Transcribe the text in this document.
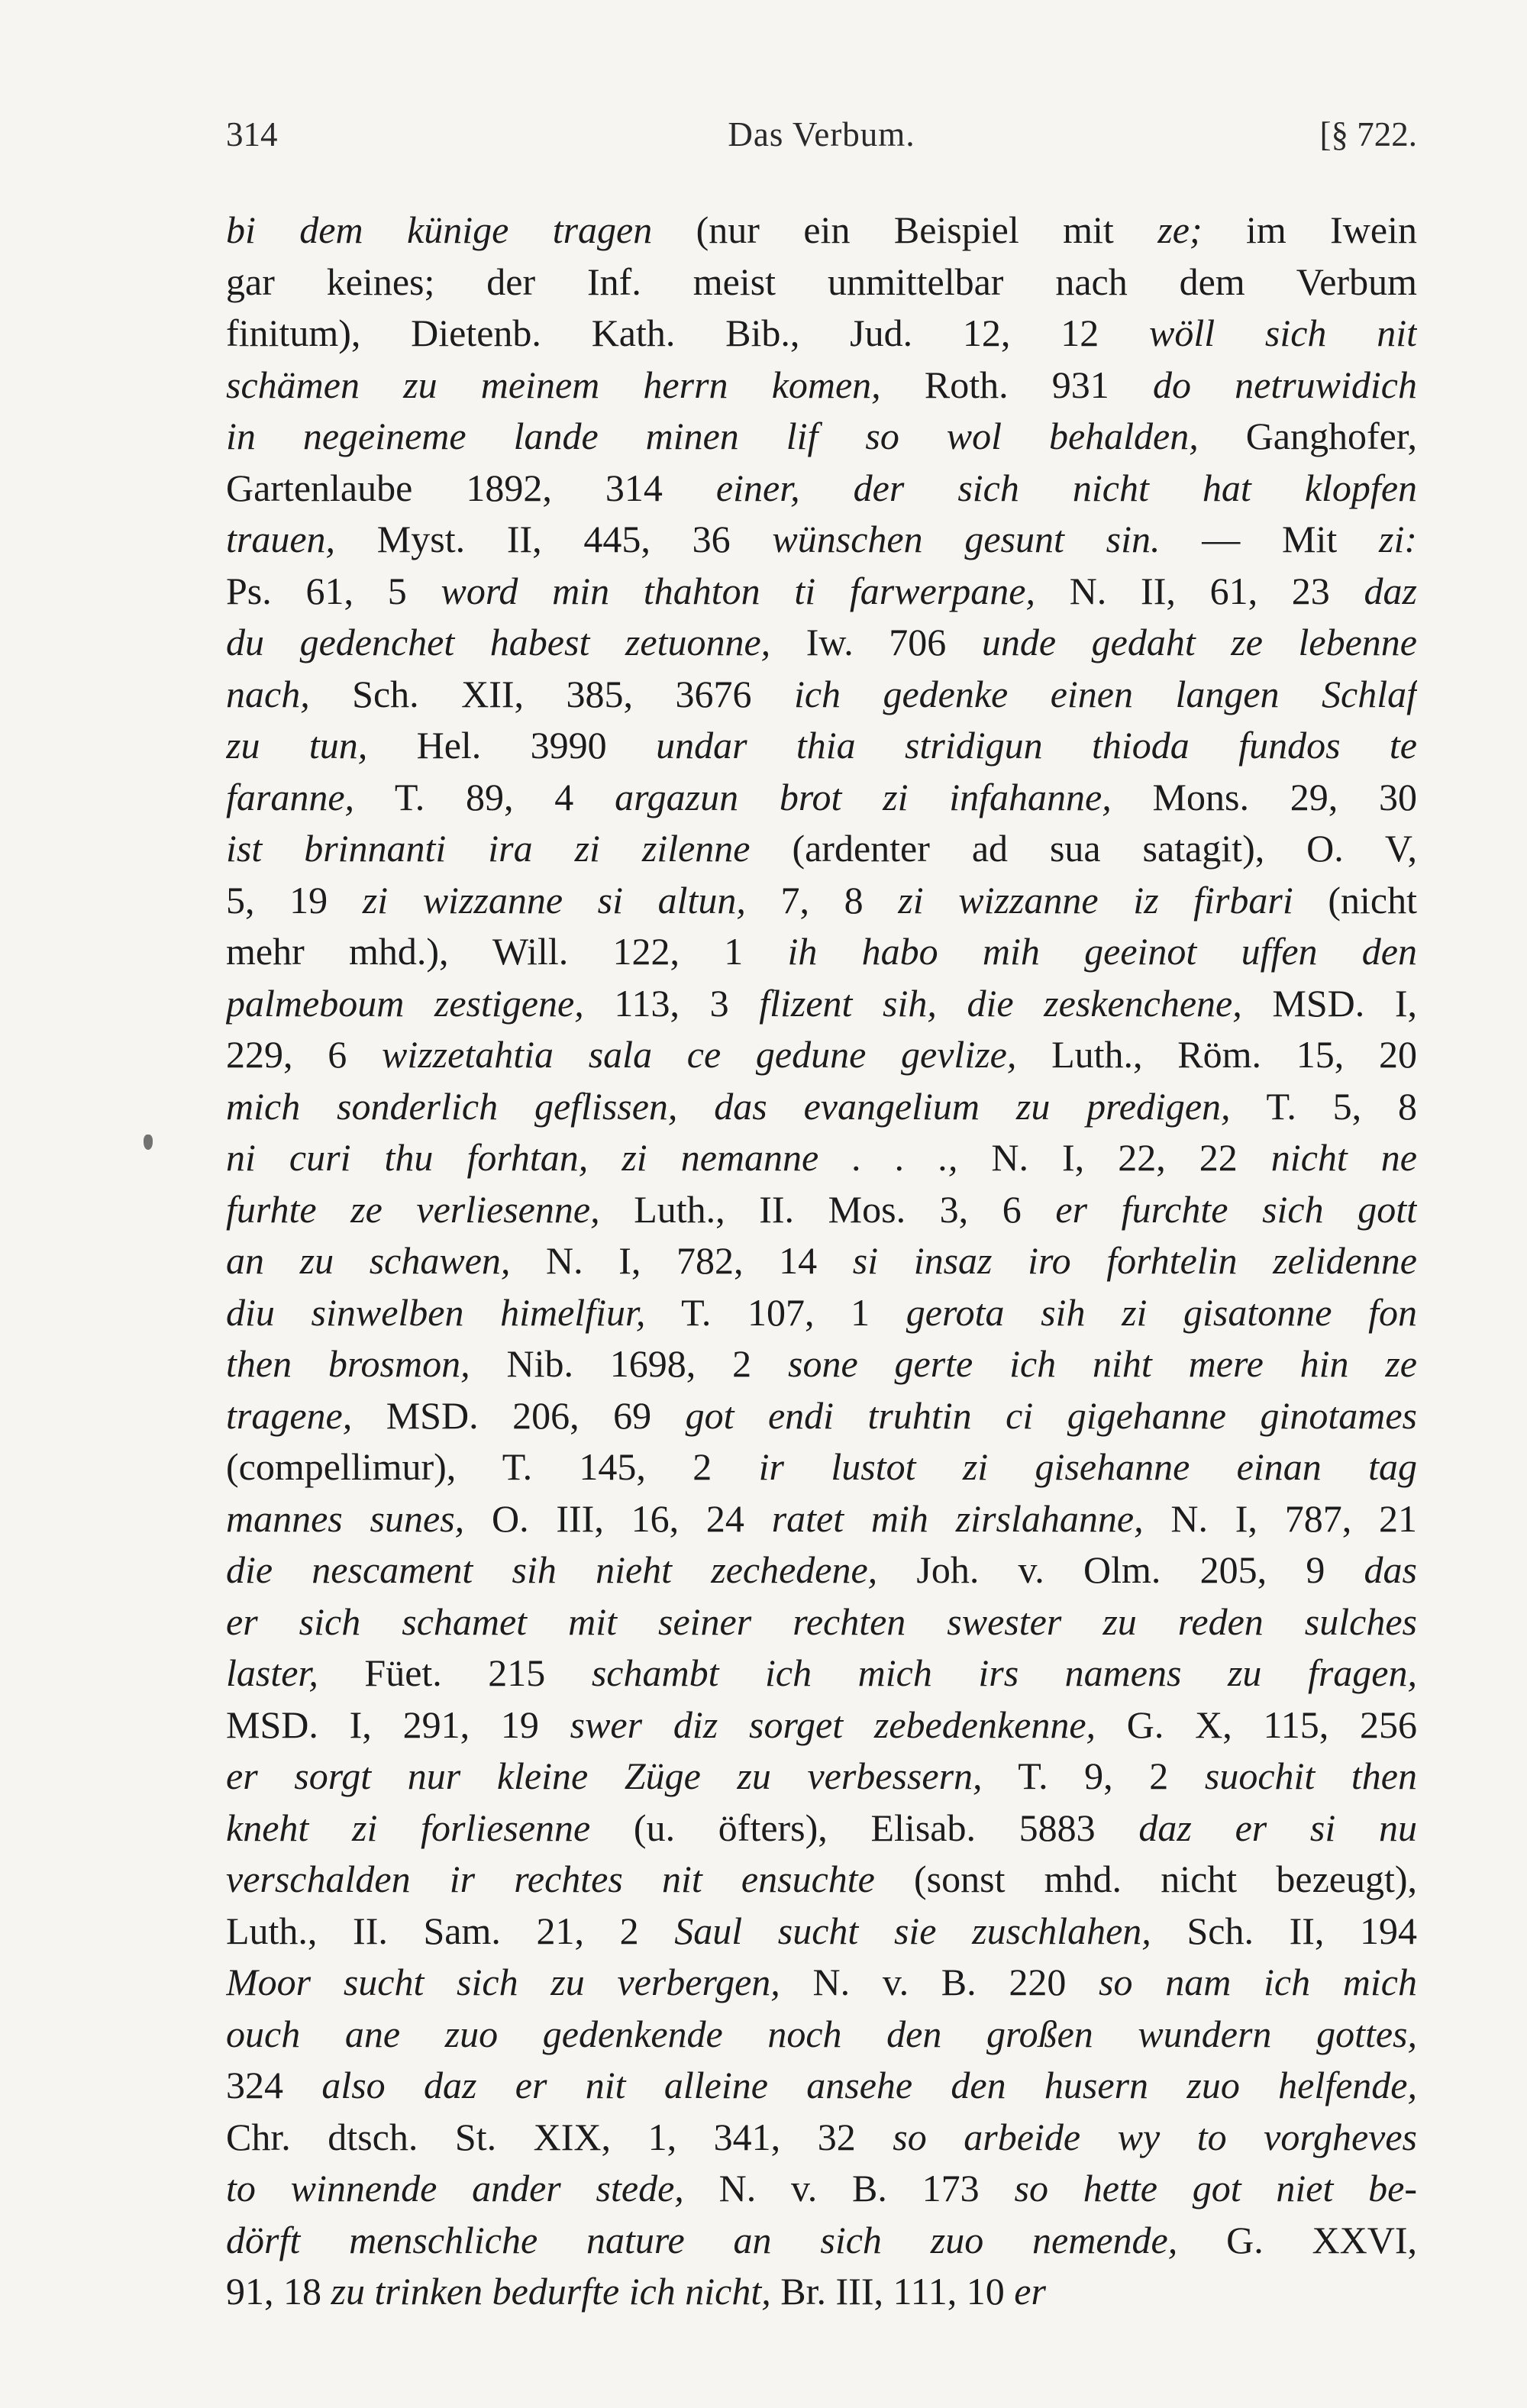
314	Das Verbum.	[§ 722.
bi dem künige tragen (nur ein Beispiel mit ze; im Iwein
gar keines; der Inf. meist unmittelbar nach dem Verbum
finitum), Dietenb. Kath. Bib., Jud. 12, 12 wöll sich nit
schämen zu meinem herrn komen, Roth. 931 do netruwidich
in negeineme lande minen lif so wol behalden, Ganghofer,
Gartenlaube 1892, 314 einer, der sich nicht hat klopfen
trauen, Myst. II, 445, 36 wünschen gesunt sin. — Mit zi:
Ps. 61, 5 word min thahton ti farwerpane, N. II, 61, 23 daz
du gedenchet habest zetuonne, Iw. 706 unde gedaht ze lebenne
nach, Sch. XII, 385, 3676 ich gedenke einen langen Schlaf
zu tun, Hel. 3990 undar thia stridigun thioda fundos te
faranne, T. 89, 4 argazun brot zi infahanne, Mons. 29, 30
ist brinnanti ira zi zilenne (ardenter ad sua satagit), O. V,
5, 19 zi wizzanne si altun, 7, 8 zi wizzanne iz firbari (nicht
mehr mhd.), Will. 122, 1 ih habo mih geeinot uffen den
palmeboum zestigene, 113, 3 flizent sih, die zeskenchene, MSD. I,
229, 6 wizzetahtia sala ce gedune gevlize, Luth., Röm. 15, 20
mich sonderlich geflissen, das evangelium zu predigen, T. 5, 8
ni curi thu forhtan, zi nemanne . . ., N. I, 22, 22 nicht ne
furhte ze verliesenne, Luth., II. Mos. 3, 6 er furchte sich gott
an zu schawen, N. I, 782, 14 si insaz iro forhtelin zelidenne
diu sinwelben himelfiur, T. 107, 1 gerota sih zi gisatonne fon
then brosmon, Nib. 1698, 2 sone gerte ich niht mere hin ze
tragene, MSD. 206, 69 got endi truhtin ci gigehanne ginotames
(compellimur), T. 145, 2 ir lustot zi gisehanne einan tag
mannes sunes, O. III, 16, 24 ratet mih zirslahanne, N. I, 787, 21
die nescament sih nieht zechedene, Joh. v. Olm. 205, 9 das
er sich schamet mit seiner rechten swester zu reden sulches
laster, Füet. 215 schambt ich mich irs namens zu fragen,
MSD. I, 291, 19 swer diz sorget zebedenkenne, G. X, 115, 256
er sorgt nur kleine Züge zu verbessern, T. 9, 2 suochit then
kneht zi forliesenne (u. öfters), Elisab. 5883 daz er si nu
verschalden ir rechtes nit ensuchte (sonst mhd. nicht bezeugt),
Luth., II. Sam. 21, 2 Saul sucht sie zuschlahen, Sch. II, 194
Moor sucht sich zu verbergen, N. v. B. 220 so nam ich mich
ouch ane zuo gedenkende noch den großen wundern gottes,
324 also daz er nit alleine ansehe den husern zuo helfende,
Chr. dtsch. St. XIX, 1, 341, 32 so arbeide wy to vorgheves
to winnende ander stede, N. v. B. 173 so hette got niet be-
dörft menschliche nature an sich zuo nemende, G. XXVI,
91, 18 zu trinken bedurfte ich nicht, Br. III, 111, 10 er
